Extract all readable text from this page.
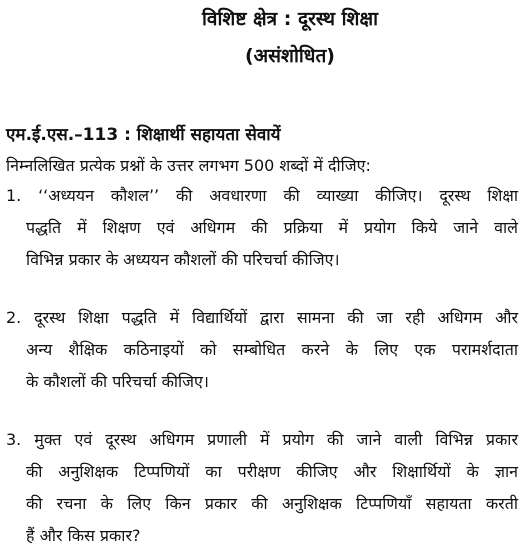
विशिष्ट क्षेत्र : दूरस्थ शिक्षा
(असंशोधित)
एम.ई.एस.–113 : शिक्षार्थी सहायता सेवायें
निम्नलिखित प्रत्येक प्रश्नों के उत्तर लगभग 500 शब्दों में दीजिए:
1. ‘‘अध्ययन कौशल’’ की अवधारणा की व्याख्या कीजिए। दूरस्थ शिक्षा
पद्धति में शिक्षण एवं अधिगम की प्रक्रिया में प्रयोग किये जाने वाले
विभिन्न प्रकार के अध्ययन कौशलों की परिचर्चा कीजिए।
2. दूरस्थ शिक्षा पद्धति में विद्यार्थियों द्वारा सामना की जा रही अधिगम और
अन्य शैक्षिक कठिनाइयों को सम्बोधित करने के लिए एक परामर्शदाता
के कौशलों की परिचर्चा कीजिए।
3. मुक्त एवं दूरस्थ अधिगम प्रणाली में प्रयोग की जाने वाली विभिन्न प्रकार
की अनुशिक्षक टिप्पणियों का परीक्षण कीजिए और शिक्षार्थियों के ज्ञान
की रचना के लिए किन प्रकार की अनुशिक्षक टिप्पणियाँ सहायता करती
हैं और किस प्रकार?
